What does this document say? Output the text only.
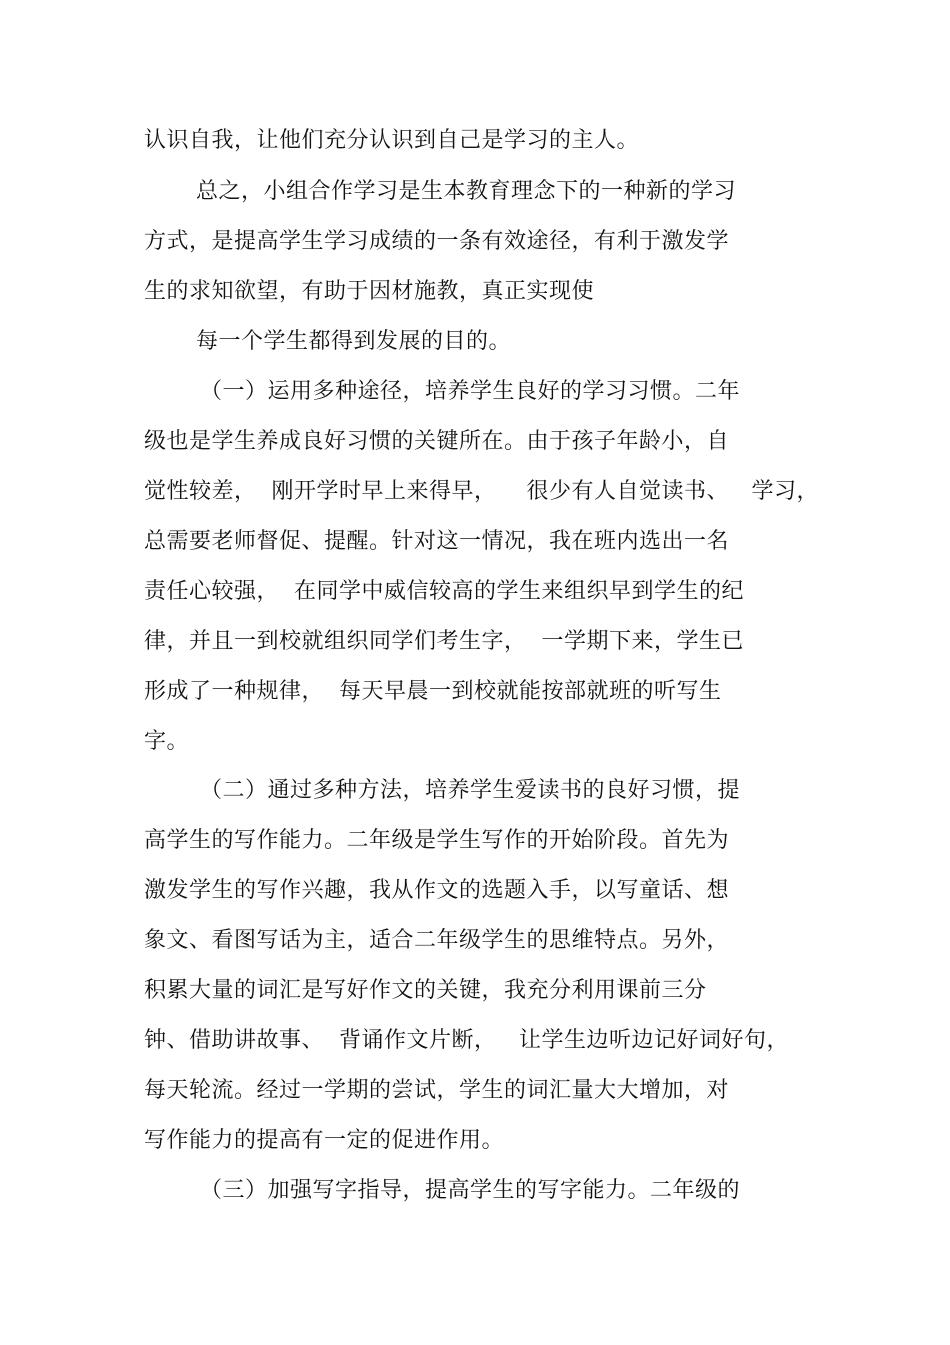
认识自我，让他们充分认识到自己是学习的主人。
总之，小组合作学习是生本教育理念下的一种新的学习
方式，是提高学生学习成绩的一条有效途径，有利于激发学
生的求知欲望，有助于因材施教，真正实现使
每一个学生都得到发展的目的。
（一）运用多种途径，培养学生良好的学习习惯。二年
级也是学生养成良好习惯的关键所在。由于孩子年龄小，自
觉性较差，  刚开学时早上来得早，    很少有人自觉读书、   学习，
总需要老师督促、提醒。针对这一情况，我在班内选出一名
责任心较强，  在同学中威信较高的学生来组织早到学生的纪
律，并且一到校就组织同学们考生字，  一学期下来，学生已
形成了一种规律，  每天早晨一到校就能按部就班的听写生
字。
（二）通过多种方法，培养学生爱读书的良好习惯，提
高学生的写作能力。二年级是学生写作的开始阶段。首先为
激发学生的写作兴趣，我从作文的选题入手，以写童话、想
象文、看图写话为主，适合二年级学生的思维特点。另外，
积累大量的词汇是写好作文的关键，我充分利用课前三分
钟、借助讲故事、  背诵作文片断，   让学生边听边记好词好句，
每天轮流。经过一学期的尝试，学生的词汇量大大增加，对
写作能力的提高有一定的促进作用。
（三）加强写字指导，提高学生的写字能力。二年级的
